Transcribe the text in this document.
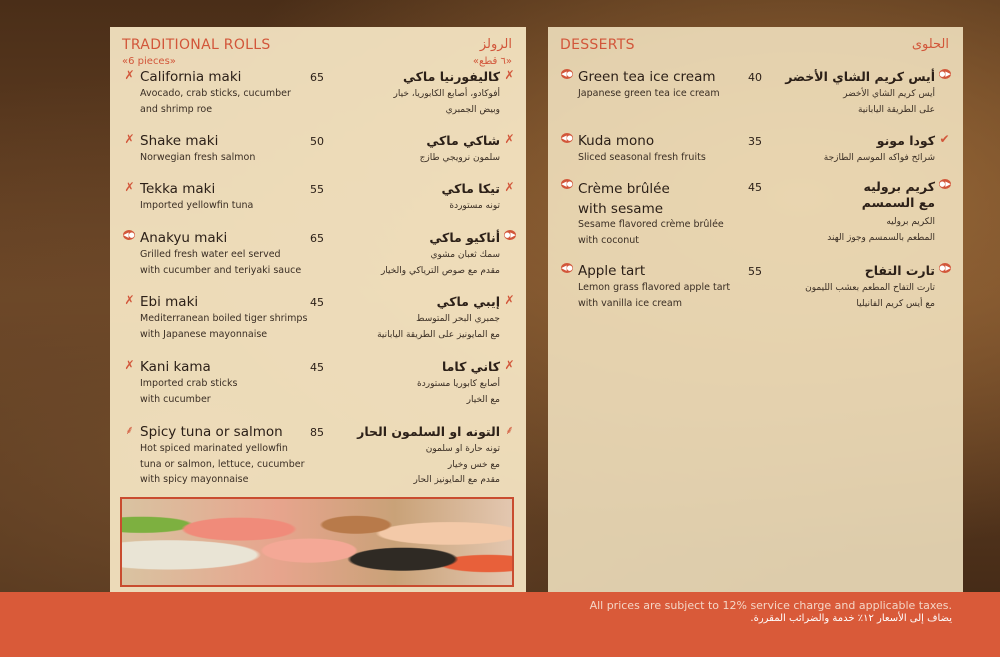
TRADITIONAL ROLLS	الرولز
«6 pieces»	«٦ قطع»
✗ California maki
Avocado, crab sticks, cucumber
and shrimp roe
65	كاليفورنيا ماكي
أفوكادو، أصابع الكابوريا، خيار
وبيض الجمبري
✗
✗ Shake maki
Norwegian fresh salmon
50	شاكي ماكي
سلمون نرويجي طازج
✗
✗ Tekka maki
Imported yellowfin tuna
55	تيكا ماكي
تونه مستوردة
✗
◀● Anakyu maki
Grilled fresh water eel served
with cucumber and teriyaki sauce
65	أناكيو ماكي
سمك ثعبان مشوي
مقدم مع صوص الترياكي والخيار
●▶
✗ Ebi maki
Mediterranean boiled tiger shrimps
with Japanese mayonnaise
45	إيبي ماكي
جمبري البحر المتوسط
مع المايونيز على الطريقة اليابانية
✗
✗ Kani kama
Imported crab sticks
with cucumber
45	كاني كاما
أصابع كابوريا مستوردة
مع الخيار
✗
⸙ Spicy tuna or salmon
Hot spiced marinated yellowfin
tuna or salmon, lettuce, cucumber
with spicy mayonnaise
85	التونه او السلمون الحار
تونه حارة او سلمون
مع خس وخيار
مقدم مع المايونيز الحار
⸙
DESSERTS	الحلوى
◀● Green tea ice cream
Japanese green tea ice cream
40	أيس كريم الشاي الأخضر
أيس كريم الشاي الأخضر
على الطريقة اليابانية
●▶
◀● Kuda mono
Sliced seasonal fresh fruits
35	كودا مونو
شرائح فواكه الموسم الطازجة
✔
◀● Crème brûlée
with sesame
Sesame flavored crème brûlée
with coconut
45	كريم بروليه
مع السمسم
الكريم بروليه
المطعم بالسمسم وجوز الهند
●▶
◀● Apple tart
Lemon grass flavored apple tart
with vanilla ice cream
55	تارت التفاح
تارت التفاح المطعم بعشب الليمون
مع أيس كريم الفانيليا
●▶
All prices are subject to 12% service charge and applicable taxes.
يضاف إلى الأسعار ١٢٪ خدمة والضرائب المقررة.
